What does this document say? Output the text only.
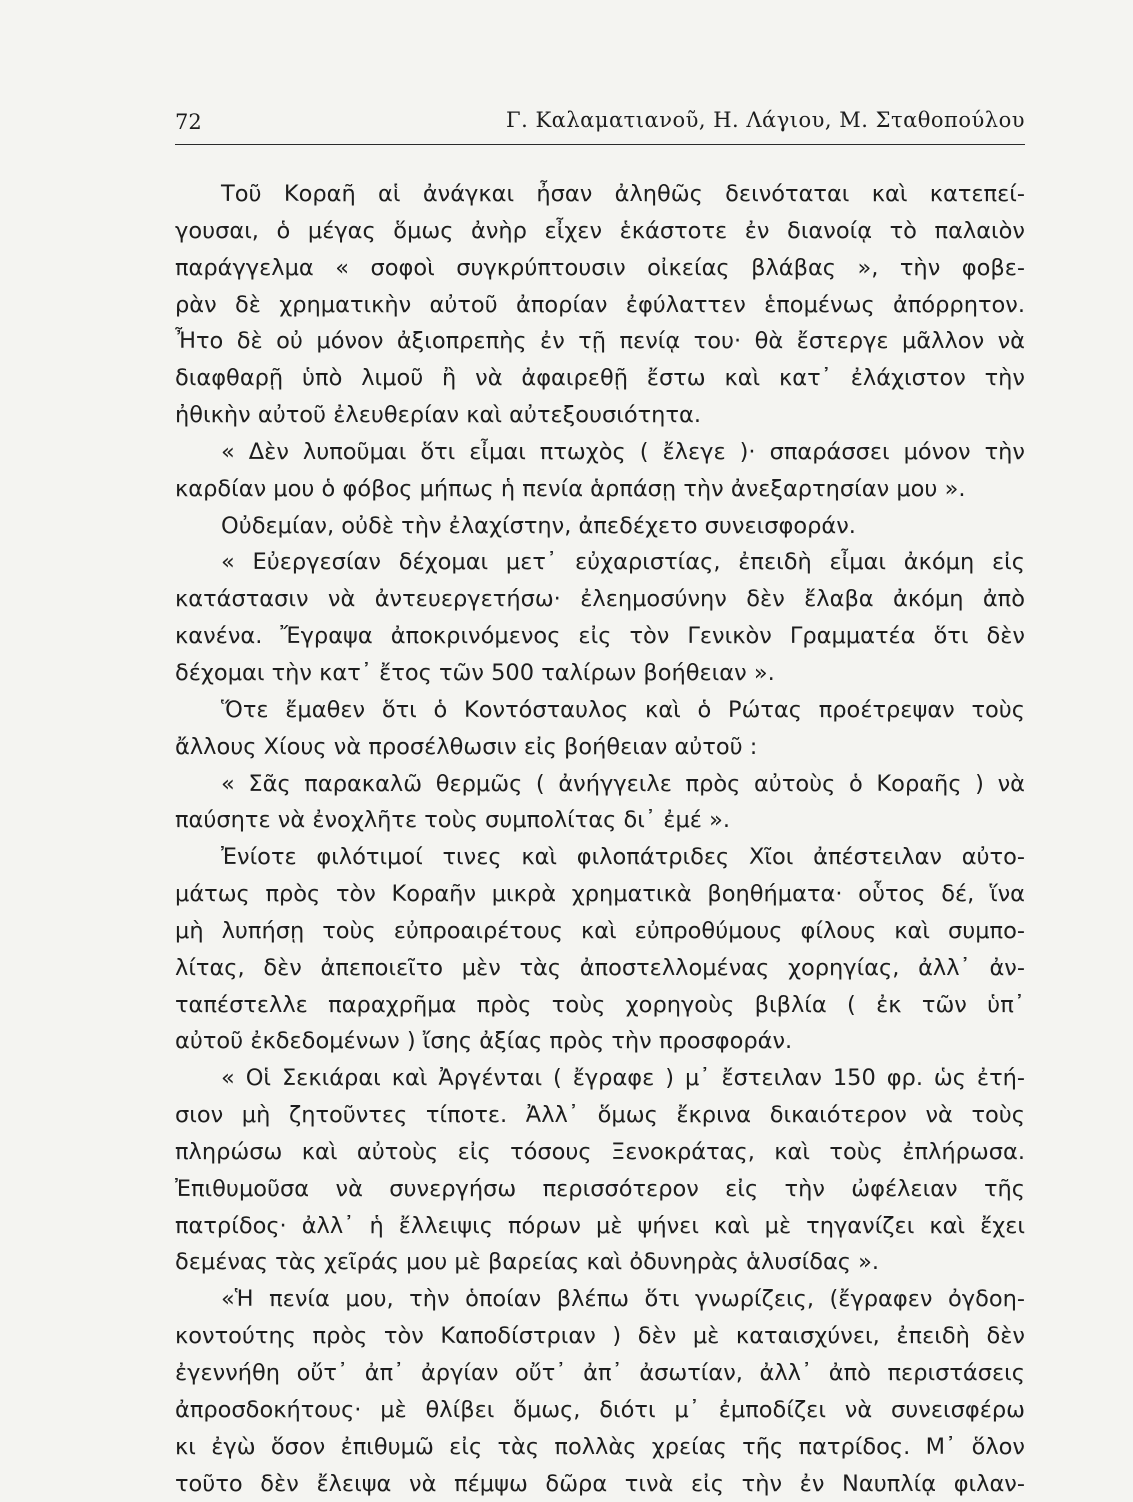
72	Γ. Καλαματιανοῦ, Η. Λάγιου, Μ. Σταθοπούλου
Τοῦ Κοραῆ αἱ ἀνάγκαι ἦσαν ἀληθῶς δεινόταται καὶ κατεπεί-
γουσαι, ὁ μέγας ὅμως ἀνὴρ εἶχεν ἑκάστοτε ἐν διανοίᾳ τὸ παλαιὸν
παράγγελμα « σοφοὶ συγκρύπτουσιν οἰκείας βλάβας », τὴν φοβε-
ρὰν δὲ χρηματικὴν αὐτοῦ ἀπορίαν ἐφύλαττεν ἑπομένως ἀπόρρητον.
Ἦτο δὲ οὐ μόνον ἀξιοπρεπὴς ἐν τῇ πενίᾳ του· θὰ ἔστεργε μᾶλλον νὰ
διαφθαρῇ ὑπὸ λιμοῦ ἢ νὰ ἀφαιρεθῇ ἔστω καὶ κατ᾽ ἐλάχιστον τὴν
ἠθικὴν αὐτοῦ ἐλευθερίαν καὶ αὐτεξουσιότητα.
« Δὲν λυποῦμαι ὅτι εἶμαι πτωχὸς ( ἔλεγε )· σπαράσσει μόνον τὴν
καρδίαν μου ὁ φόβος μήπως ἡ πενία ἁρπάσῃ τὴν ἀνεξαρτησίαν μου ».
Οὐδεμίαν, οὐδὲ τὴν ἐλαχίστην, ἀπεδέχετο συνεισφοράν.
« Εὐεργεσίαν δέχομαι μετ᾽ εὐχαριστίας, ἐπειδὴ εἶμαι ἀκόμη εἰς
κατάστασιν νὰ ἀντευεργετήσω· ἐλεημοσύνην δὲν ἔλαβα ἀκόμη ἀπὸ
κανένα. Ἔγραψα ἀποκρινόμενος εἰς τὸν Γενικὸν Γραμματέα ὅτι δὲν
δέχομαι τὴν κατ᾽ ἔτος τῶν 500 ταλίρων βοήθειαν ».
Ὅτε ἔμαθεν ὅτι ὁ Κοντόσταυλος καὶ ὁ Ρώτας προέτρεψαν τοὺς
ἄλλους Χίους νὰ προσέλθωσιν εἰς βοήθειαν αὐτοῦ :
« Σᾶς παρακαλῶ θερμῶς ( ἀνήγγειλε πρὸς αὐτοὺς ὁ Κοραῆς ) νὰ
παύσητε νὰ ἐνοχλῆτε τοὺς συμπολίτας δι᾽ ἐμέ ».
Ἐνίοτε φιλότιμοί τινες καὶ φιλοπάτριδες Χῖοι ἀπέστειλαν αὐτο-
μάτως πρὸς τὸν Κοραῆν μικρὰ χρηματικὰ βοηθήματα· οὗτος δέ, ἵνα
μὴ λυπήσῃ τοὺς εὐπροαιρέτους καὶ εὐπροθύμους φίλους καὶ συμπο-
λίτας, δὲν ἀπεποιεῖτο μὲν τὰς ἀποστελλομένας χορηγίας, ἀλλ᾽ ἀν-
ταπέστελλε παραχρῆμα πρὸς τοὺς χορηγοὺς βιβλία ( ἐκ τῶν ὑπ᾽
αὐτοῦ ἐκδεδομένων ) ἴσης ἀξίας πρὸς τὴν προσφοράν.
« Οἱ Σεκιάραι καὶ Ἀργένται ( ἔγραφε ) μ᾽ ἔστειλαν 150 φρ. ὡς ἐτή-
σιον μὴ ζητοῦντες τίποτε. Ἀλλ᾽ ὅμως ἔκρινα δικαιότερον νὰ τοὺς
πληρώσω καὶ αὐτοὺς εἰς τόσους Ξενοκράτας, καὶ τοὺς ἐπλήρωσα.
Ἐπιθυμοῦσα νὰ συνεργήσω περισσότερον εἰς τὴν ὠφέλειαν τῆς
πατρίδος· ἀλλ᾽ ἡ ἔλλειψις πόρων μὲ ψήνει καὶ μὲ τηγανίζει καὶ ἔχει
δεμένας τὰς χεῖράς μου μὲ βαρείας καὶ ὀδυνηρὰς ἁλυσίδας ».
«Ἡ πενία μου, τὴν ὁποίαν βλέπω ὅτι γνωρίζεις, (ἔγραφεν ὀγδοη-
κοντούτης πρὸς τὸν Καποδίστριαν ) δὲν μὲ καταισχύνει, ἐπειδὴ δὲν
ἐγεννήθη οὔτ᾽ ἀπ᾽ ἀργίαν οὔτ᾽ ἀπ᾽ ἀσωτίαν, ἀλλ᾽ ἀπὸ περιστάσεις
ἀπροσδοκήτους· μὲ θλίβει ὅμως, διότι μ᾽ ἐμποδίζει νὰ συνεισφέρω
κι ἐγὼ ὅσον ἐπιθυμῶ εἰς τὰς πολλὰς χρείας τῆς πατρίδος. Μ᾽ ὅλον
τοῦτο δὲν ἔλειψα νὰ πέμψω δῶρα τινὰ εἰς τὴν ἐν Ναυπλίᾳ φιλαν-
